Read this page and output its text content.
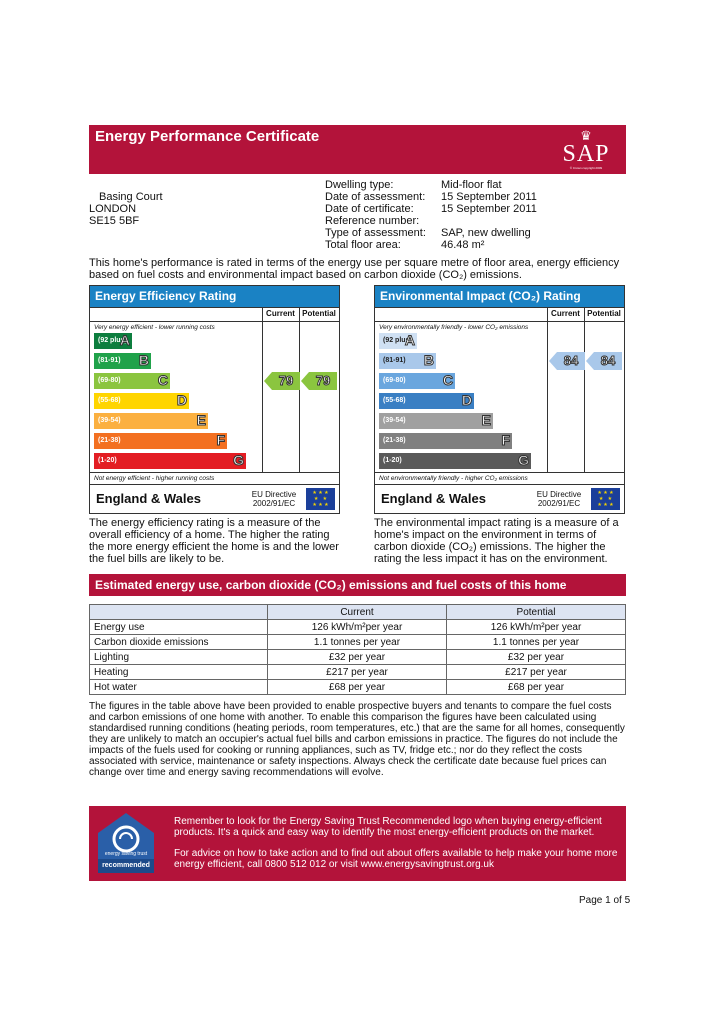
Energy Performance Certificate	♛
SAP
© Crown copyright 2009
Basing Court
LONDON
SE15 5BF
Dwelling type:	Mid-floor flat
Date of assessment: 15 September 2011
Date of certificate: 15 September 2011
Reference number:
Type of assessment: SAP, new dwelling
Total floor area:	46.48 m²
This home's performance is rated in terms of the energy use per square metre of floor area, energy efficiency based on fuel costs and environmental impact based on carbon dioxide (CO₂) emissions.
Energy Efficiency Rating
Current Potential
Very energy efficient - lower running costs
(92 plus)
A
(81-91) B
(69-80)	C
(55-68)	D
(39-54)	E
(21-38)	F
(1-20)	G
Not energy efficient - higher running costs
England & Wales	EU Directive
2002/91/EC
★ ★ ★
★   ★
★ ★ ★
79	79
Environmental Impact (CO₂) Rating
Current Potential
Very environmentally friendly - lower CO₂ emissions
(92 plus)
A
(81-91) B
(69-80)	C
(55-68)	D
(39-54)	E
(21-38)	F
(1-20)	G
Not environmentally friendly - higher CO₂ emissions
England & Wales	EU Directive
2002/91/EC
★ ★ ★
★   ★
★ ★ ★
84	84
The energy efficiency rating is a measure of the overall efficiency of a home. The higher the rating the more energy efficient the home is and the lower the fuel bills are likely to be.
The environmental impact rating is a measure of a home's impact on the environment in terms of carbon dioxide (CO₂) emissions. The higher the rating the less impact it has on the environment.
Estimated energy use, carbon dioxide (CO₂) emissions and fuel costs of this home
	Current	Potential
Energy use	126 kWh/m²per year	126 kWh/m²per year
Carbon dioxide emissions	1.1 tonnes per year	1.1 tonnes per year
Lighting	£32 per year	£32 per year
Heating	£217 per year	£217 per year
Hot water	£68 per year	£68 per year
The figures in the table above have been provided to enable prospective buyers and tenants to compare the fuel costs and carbon emissions of one home with another. To enable this comparison the figures have been calculated using standardised running conditions (heating periods, room temperatures, etc.) that are the same for all homes, consequently they are unlikely to match an occupier's actual fuel bills and carbon emissions in practice. The figures do not include the impacts of the fuels used for cooking or running appliances, such as TV, fridge etc.; nor do they reflect the costs associated with service, maintenance or safety inspections. Always check the certificate date because fuel prices can change over time and energy saving recommendations will evolve.
energy saving trust
recommended
Remember to look for the Energy Saving Trust Recommended logo when buying energy-efficient products. It's a quick and easy way to identify the most energy-efficient products on the market.
For advice on how to take action and to find out about offers available to help make your home more energy efficient, call 0800 512 012 or visit www.energysavingtrust.org.uk
Page 1 of 5
